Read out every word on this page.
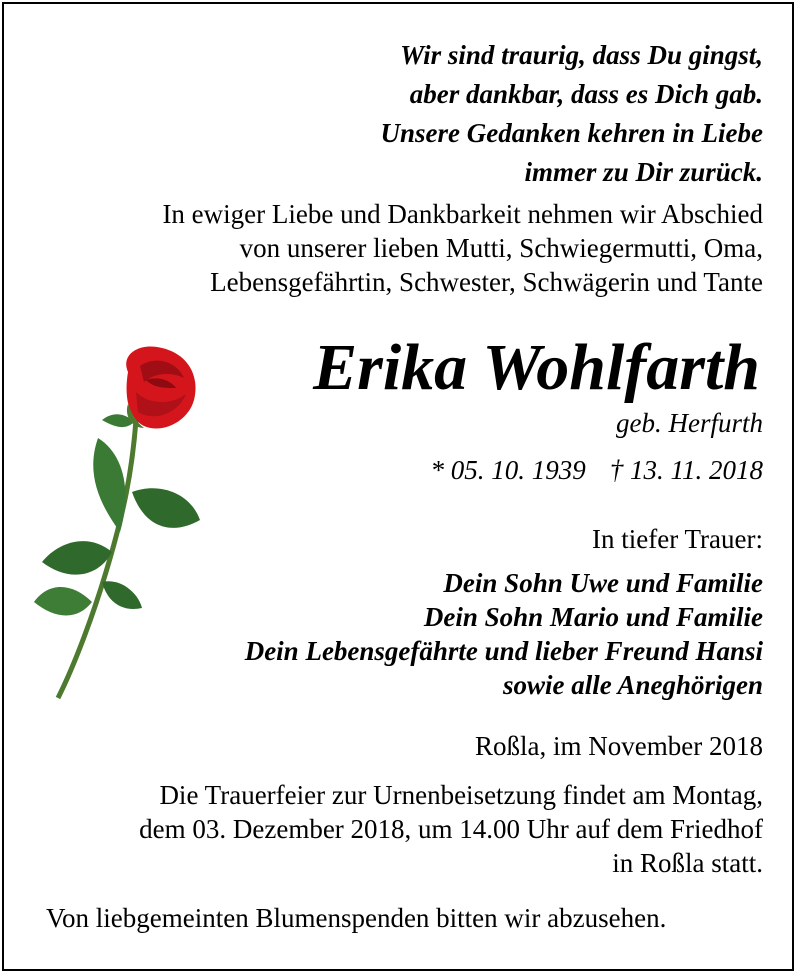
Wir sind traurig, dass Du gingst,
aber dankbar, dass es Dich gab.
Unsere Gedanken kehren in Liebe
immer zu Dir zurück.
In ewiger Liebe und Dankbarkeit nehmen wir Abschied
von unserer lieben Mutti, Schwiegermutti, Oma,
Lebensgefährtin, Schwester, Schwägerin und Tante
Erika Wohlfarth
geb. Herfurth
* 05. 10. 1939 † 13. 11. 2018
In tiefer Trauer:
Dein Sohn Uwe und Familie
Dein Sohn Mario und Familie
Dein Lebensgefährte und lieber Freund Hansi
sowie alle Aneghörigen
Roßla, im November 2018
Die Trauerfeier zur Urnenbeisetzung findet am Montag,
dem 03. Dezember 2018, um 14.00 Uhr auf dem Friedhof
in Roßla statt.
Von liebgemeinten Blumenspenden bitten wir abzusehen.
